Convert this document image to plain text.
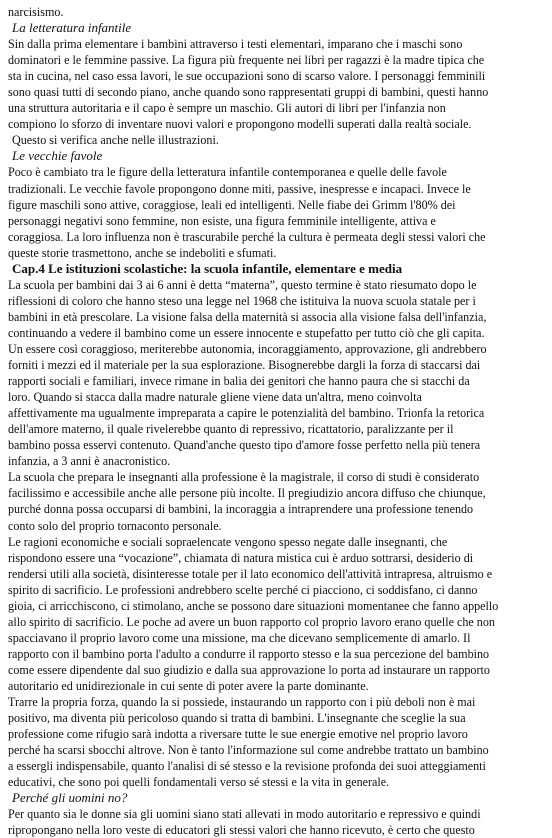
narcisismo.
La letteratura infantile
Sin dalla prima elementare i bambini attraverso i testi elementari, imparano che i maschi sono
dominatori e le femmine passive. La figura più frequente nei libri per ragazzi è la madre tipica che
sta in cucina, nel caso essa lavori, le sue occupazioni sono di scarso valore. I personaggi femminili
sono quasi tutti di secondo piano, anche quando sono rappresentati gruppi di bambini, questi hanno
una struttura autoritaria e il capo è sempre un maschio. Gli autori di libri per l'infanzia non
compiono lo sforzo di inventare nuovi valori e propongono modelli superati dalla realtà sociale.
Questo si verifica anche nelle illustrazioni.
Le vecchie favole
Poco è cambiato tra le figure della letteratura infantile contemporanea e quelle delle favole
tradizionali. Le vecchie favole propongono donne miti, passive, inespresse e incapaci. Invece le
figure maschili sono attive, coraggiose, leali ed intelligenti. Nelle fiabe dei Grimm l'80% dei
personaggi negativi sono femmine, non esiste, una figura femminile intelligente, attiva e
coraggiosa. La loro influenza non è trascurabile perché la cultura è permeata degli stessi valori che
queste storie trasmettono, anche se indeboliti e sfumati.
Cap.4 Le istituzioni scolastiche: la scuola infantile, elementare e media
La scuola per bambini dai 3 ai 6 anni è detta “materna”, questo termine è stato riesumato dopo le
riflessioni di coloro che hanno steso una legge nel 1968 che istituiva la nuova scuola statale per i
bambini in età prescolare. La visione falsa della maternità si associa alla visione falsa dell'infanzia,
continuando a vedere il bambino come un essere innocente e stupefatto per tutto ciò che gli capita.
Un essere così coraggioso, meriterebbe autonomia, incoraggiamento, approvazione, gli andrebbero
forniti i mezzi ed il materiale per la sua esplorazione. Bisognerebbe dargli la forza di staccarsi dai
rapporti sociali e familiari, invece rimane in balia dei genitori che hanno paura che si stacchi da
loro. Quando si stacca dalla madre naturale gliene viene data un'altra, meno coinvolta
affettivamente ma ugualmente impreparata a capire le potenzialità del bambino. Trionfa la retorica
dell'amore materno, il quale rivelerebbe quanto di repressivo, ricattatorio, paralizzante per il
bambino possa esservi contenuto. Quand'anche questo tipo d'amore fosse perfetto nella più tenera
infanzia, a 3 anni è anacronistico.
La scuola che prepara le insegnanti alla professione è la magistrale, il corso di studi è considerato
facilissimo e accessibile anche alle persone più incolte. Il pregiudizio ancora diffuso che chiunque,
purché donna possa occuparsi di bambini, la incoraggia a intraprendere una professione tenendo
conto solo del proprio tornaconto personale.
Le ragioni economiche e sociali sopraelencate vengono spesso negate dalle insegnanti, che
rispondono essere una “vocazione”, chiamata di natura mistica cui è arduo sottrarsi, desiderio di
rendersi utili alla società, disinteresse totale per il lato economico dell'attività intrapresa, altruismo e
spirito di sacrificio. Le professioni andrebbero scelte perché ci piacciono, ci soddisfano, ci danno
gioia, ci arricchiscono, ci stimolano, anche se possono dare situazioni momentanee che fanno appello
allo spirito di sacrificio. Le poche ad avere un buon rapporto col proprio lavoro erano quelle che non
spacciavano il proprio lavoro come una missione, ma che dicevano semplicemente di amarlo. Il
rapporto con il bambino porta l'adulto a condurre il rapporto stesso e la sua percezione del bambino
come essere dipendente dal suo giudizio e dalla sua approvazione lo porta ad instaurare un rapporto
autoritario ed unidirezionale in cui sente di poter avere la parte dominante.
Trarre la propria forza, quando la si possiede, instaurando un rapporto con i più deboli non è mai
positivo, ma diventa più pericoloso quando si tratta di bambini. L'insegnante che sceglie la sua
professione come rifugio sarà indotta a riversare tutte le sue energie emotive nel proprio lavoro
perché ha scarsi sbocchi altrove. Non è tanto l'informazione sul come andrebbe trattato un bambino
a essergli indispensabile, quanto l'analisi di sé stesso e la revisione profonda dei suoi atteggiamenti
educativi, che sono poi quelli fondamentali verso sé stessi e la vita in generale.
Perché gli uomini no?
Per quanto sia le donne sia gli uomini siano stati allevati in modo autoritario e repressivo e quindi
ripropongano nella loro veste di educatori gli stessi valori che hanno ricevuto, è certo che questo
